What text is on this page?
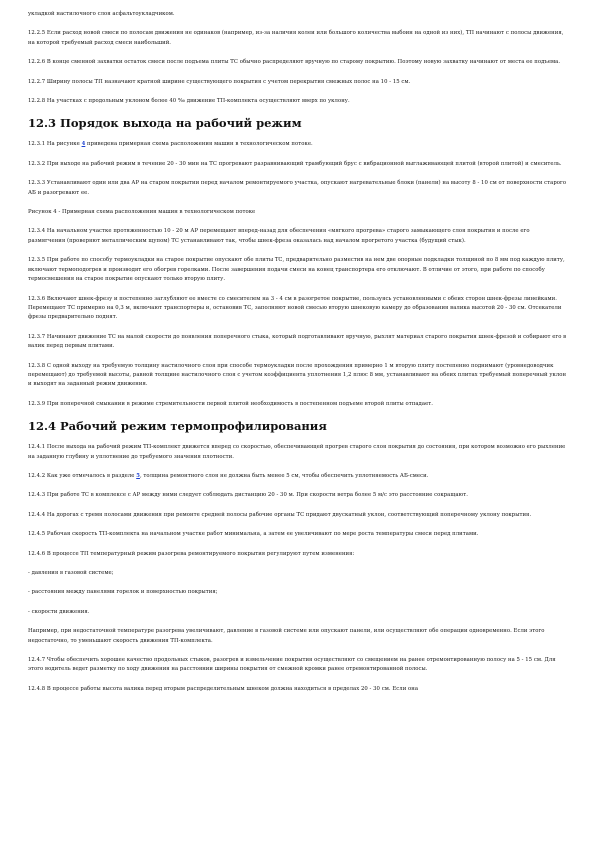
укладкой настилочного слоя асфальтоукладчиком.

12.2.5 Если расход новой смеси по полосам движения не одинаков (например, из-за наличия колеи или большого количества выбоин на одной из них), ТП начинают с полосы движения, на которой требуемый расход смеси наибольший.

12.2.6 В конце сменной захватки остаток смеси после подъема плиты ТС обычно распределяют вручную по старому покрытию. Поэтому новую захватку начинают от места ее подъема.

12.2.7 Ширину полосы ТП назначают кратной ширине существующего покрытия с учетом перекрытия смежных полос на 10 - 15 см.

12.2.8 На участках с продольным уклоном более 40 ‰ движение ТП-комплекта осуществляют вверх по уклону.

12.3 Порядок выхода на рабочий режим

12.3.1 На рисунке 4 приведена примерная схема расположения машин в технологическом потоке.

12.3.2 При выходе на рабочий режим в течение 20 - 30 мин на ТС прогревают разравнивающий трамбующий брус с вибрационной выглаживающей плитой (второй плитой) и смеситель.

12.3.3 Устанавливают один или два АР на старом покрытии перед началом ремонтируемого участка, опускают нагревательные блоки (панели) на высоту 8 - 10 см от поверхности старого АБ и разогревают ее.

Рисунок 4 - Примерная схема расположения машин в технологическом потоке

12.3.4 На начальном участке протяженностью 10 - 20 м АР перемещают вперед-назад для обеспечения «мягкого прогрева» старого замыкающего слоя покрытия и после его размягчения (проверяют металлическим щупом) ТС устанавливают так, чтобы шнек-фреза оказалась над началом прогретого участка (будущий стык).

12.3.5 При работе по способу термоукладки на старое покрытие опускают обе плиты ТС, предварительно разместив на нем две опорные подкладки толщиной по 8 мм под каждую плиту, включают термоподогрев и производят его обогрев горелками. После завершения подачи смеси на конец транспортера его отключают. В отличие от этого, при работе по способу термосмешения на старое покрытие опускают только вторую плиту.

12.3.6 Включают шнек-фрезу и постепенно заглубляют ее вместе со смесителем на 3 - 4 см в разогретое покрытие, пользуясь установленными с обеих сторон шнек-фрезы линейками. Перемещают ТС примерно на 0,3 м, включают транспортеры и, остановив ТС, заполняют новой смесью вторую шнековую камеру до образования валика высотой 20 - 30 см. Отсекатели фрезы предварительно поднят.

12.3.7 Начинают движение ТС на малой скорости до появления поперечного стыка, который подготавливают вручную, рыхлят материал старого покрытия шнек-фрезой и собирают его в валик перед первым плитами.

12.3.8 С одной выходу на требуемую толщину настилочного слоя при способе термоукладки после прохождения примерно 1 м вторую плиту постепенно поднимают (уровнедоводчик перемещают) до требуемой высоты, равной толщине настилочного слоя с учетом коэффициента уплотнения 1,2 плюс 8 мм, устанавливают на обеих плитах требуемый поперечный уклон и выходят на заданный режим движения.

12.3.9 При поперечной смыкании в режиме стремительности первой плитой необходимость в постепенном подъеме второй плиты отпадает.

12.4 Рабочий режим термопрофилирования

12.4.1 После выхода на рабочий режим ТП-комплект движется вперед со скоростью, обеспечивающей прогрев старого слоя покрытия до состояния, при котором возможно его рыхление на заданную глубину и уплотнение до требуемого значения плотности.

12.4.2 Как уже отмечалось в разделе 5, толщина ремонтного слоя не должна быть менее 5 см, чтобы обеспечить уплотняемость АБ-смеси.

12.4.3 При работе ТС в комплексе с АР между ними следует соблюдать дистанцию 20 - 30 м. При скорости ветра более 5 м/с это расстояние сокращают.

12.4.4 На дорогах с тремя полосами движения при ремонте средней полосы рабочие органы ТС придают двускатный уклон, соответствующий поперечному уклону покрытия.

12.4.5 Рабочая скорость ТП-комплекта на начальном участке работ минимальна, а затем ее увеличивают по мере роста температуры смеси перед плитами.

12.4.6 В процессе ТП температурный режим разогрева ремонтируемого покрытия регулируют путем изменения:

- давления в газовой системе;

- расстояния между панелями горелок и поверхностью покрытия;

- скорости движения.

Например, при недостаточной температуре разогрева увеличивают, давление в газовой системе или опускают панели, или осуществляют обе операции одновременно. Если этого недостаточно, то уменьшают скорость движения ТП-комплекта.

12.4.7 Чтобы обеспечить хорошее качество продольных стыков, разогрев и измельчение покрытия осуществляют со смещением на ранее отремонтированную полосу на 5 - 15 см. Для этого водитель ведет разметку по ходу движения на расстоянии ширины покрытия от смежной кромки ранее отремонтированной полосы.

12.4.8 В процессе работы высота валика перед вторым распределительным шнеком должна находиться в пределах 20 - 30 см. Если она
